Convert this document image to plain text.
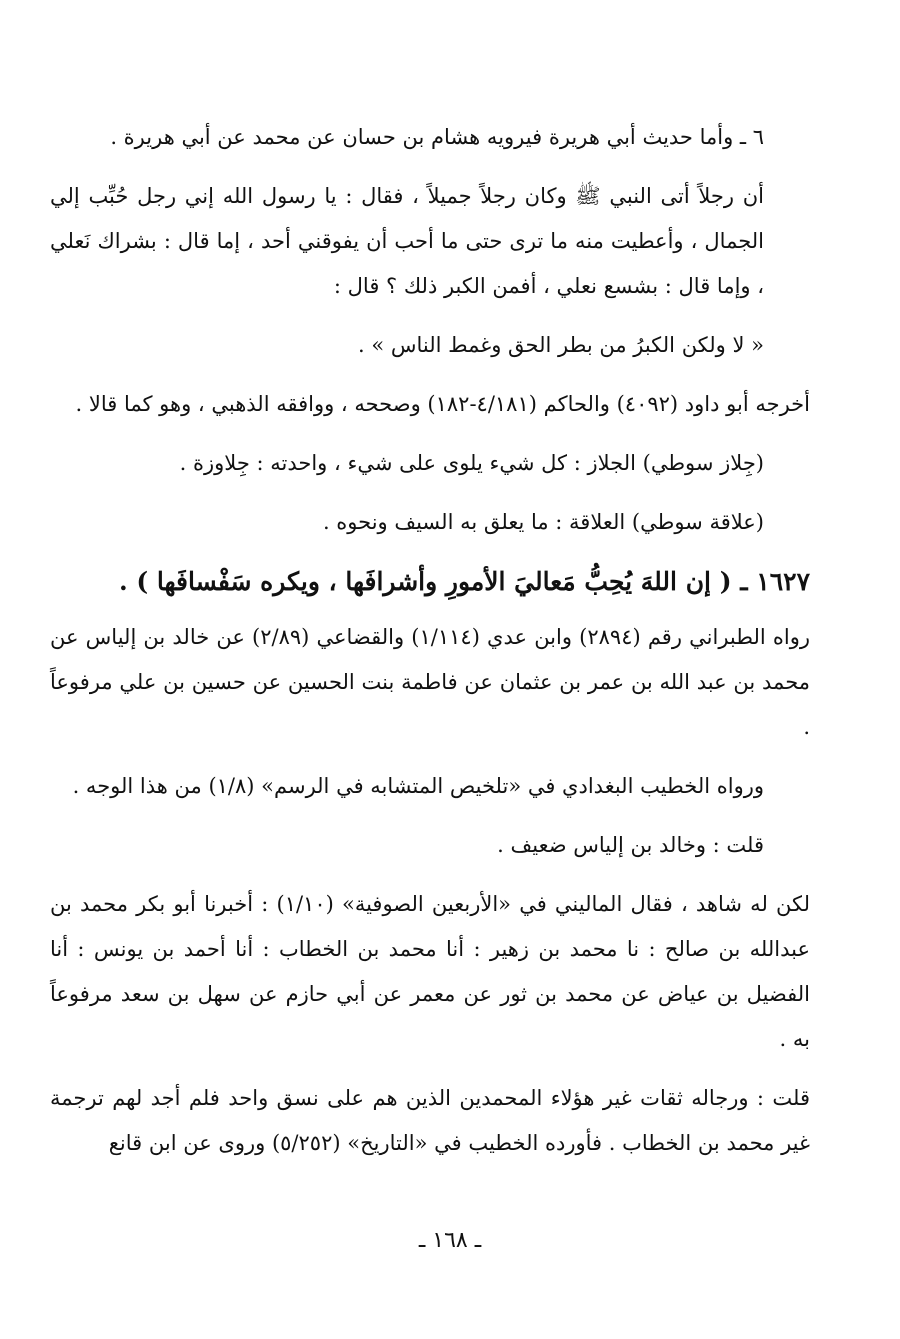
٦ ـ وأما حديث أبي هريرة فيرويه هشام بن حسان عن محمد عن أبي هريرة .

أن رجلاً أتى النبي ﷺ وكان رجلاً جميلاً ، فقال : يا رسول الله إني رجل حُبِّب إلي الجمال ، وأعطيت منه ما ترى حتى ما أحب أن يفوقني أحد ، إما قال : بشراك نَعلي ، وإما قال : بشسع نعلي ، أفمن الكبر ذلك ؟ قال :

« لا ولكن الكبرُ من بطر الحق وغمط الناس » .

أخرجه أبو داود (٤٠٩٢) والحاكم (٤/١٨١-١٨٢) وصححه ، ووافقه الذهبي ، وهو كما قالا .

(جِلاز سوطي) الجلاز : كل شيء يلوى على شيء ، واحدته : جِلاوزة .

(علاقة سوطي) العلاقة : ما يعلق به السيف ونحوه .

١٦٢٧ ـ ( إن اللهَ يُحِبُّ مَعاليَ الأمورِ وأشرافَها ، ويكره سَفْسافَها ) .

رواه الطبراني رقم (٢٨٩٤) وابن عدي (١/١١٤) والقضاعي (٢/٨٩) عن خالد بن إلياس عن محمد بن عبد الله بن عمر بن عثمان عن فاطمة بنت الحسين عن حسين بن علي مرفوعاً .

ورواه الخطيب البغدادي في «تلخيص المتشابه في الرسم» (١/٨) من هذا الوجه .

قلت : وخالد بن إلياس ضعيف .

لكن له شاهد ، فقال الماليني في «الأربعين الصوفية» (١/١٠) : أخبرنا أبو بكر محمد بن عبدالله بن صالح : نا محمد بن زهير : أنا محمد بن الخطاب : أنا أحمد بن يونس : أنا الفضيل بن عياض عن محمد بن ثور عن معمر عن أبي حازم عن سهل بن سعد مرفوعاً به .

قلت : ورجاله ثقات غير هؤلاء المحمدين الذين هم على نسق واحد فلم أجد لهم ترجمة غير محمد بن الخطاب . فأورده الخطيب في «التاريخ» (٥/٢٥٢) وروى عن ابن قانع

ـ ١٦٨ ـ
